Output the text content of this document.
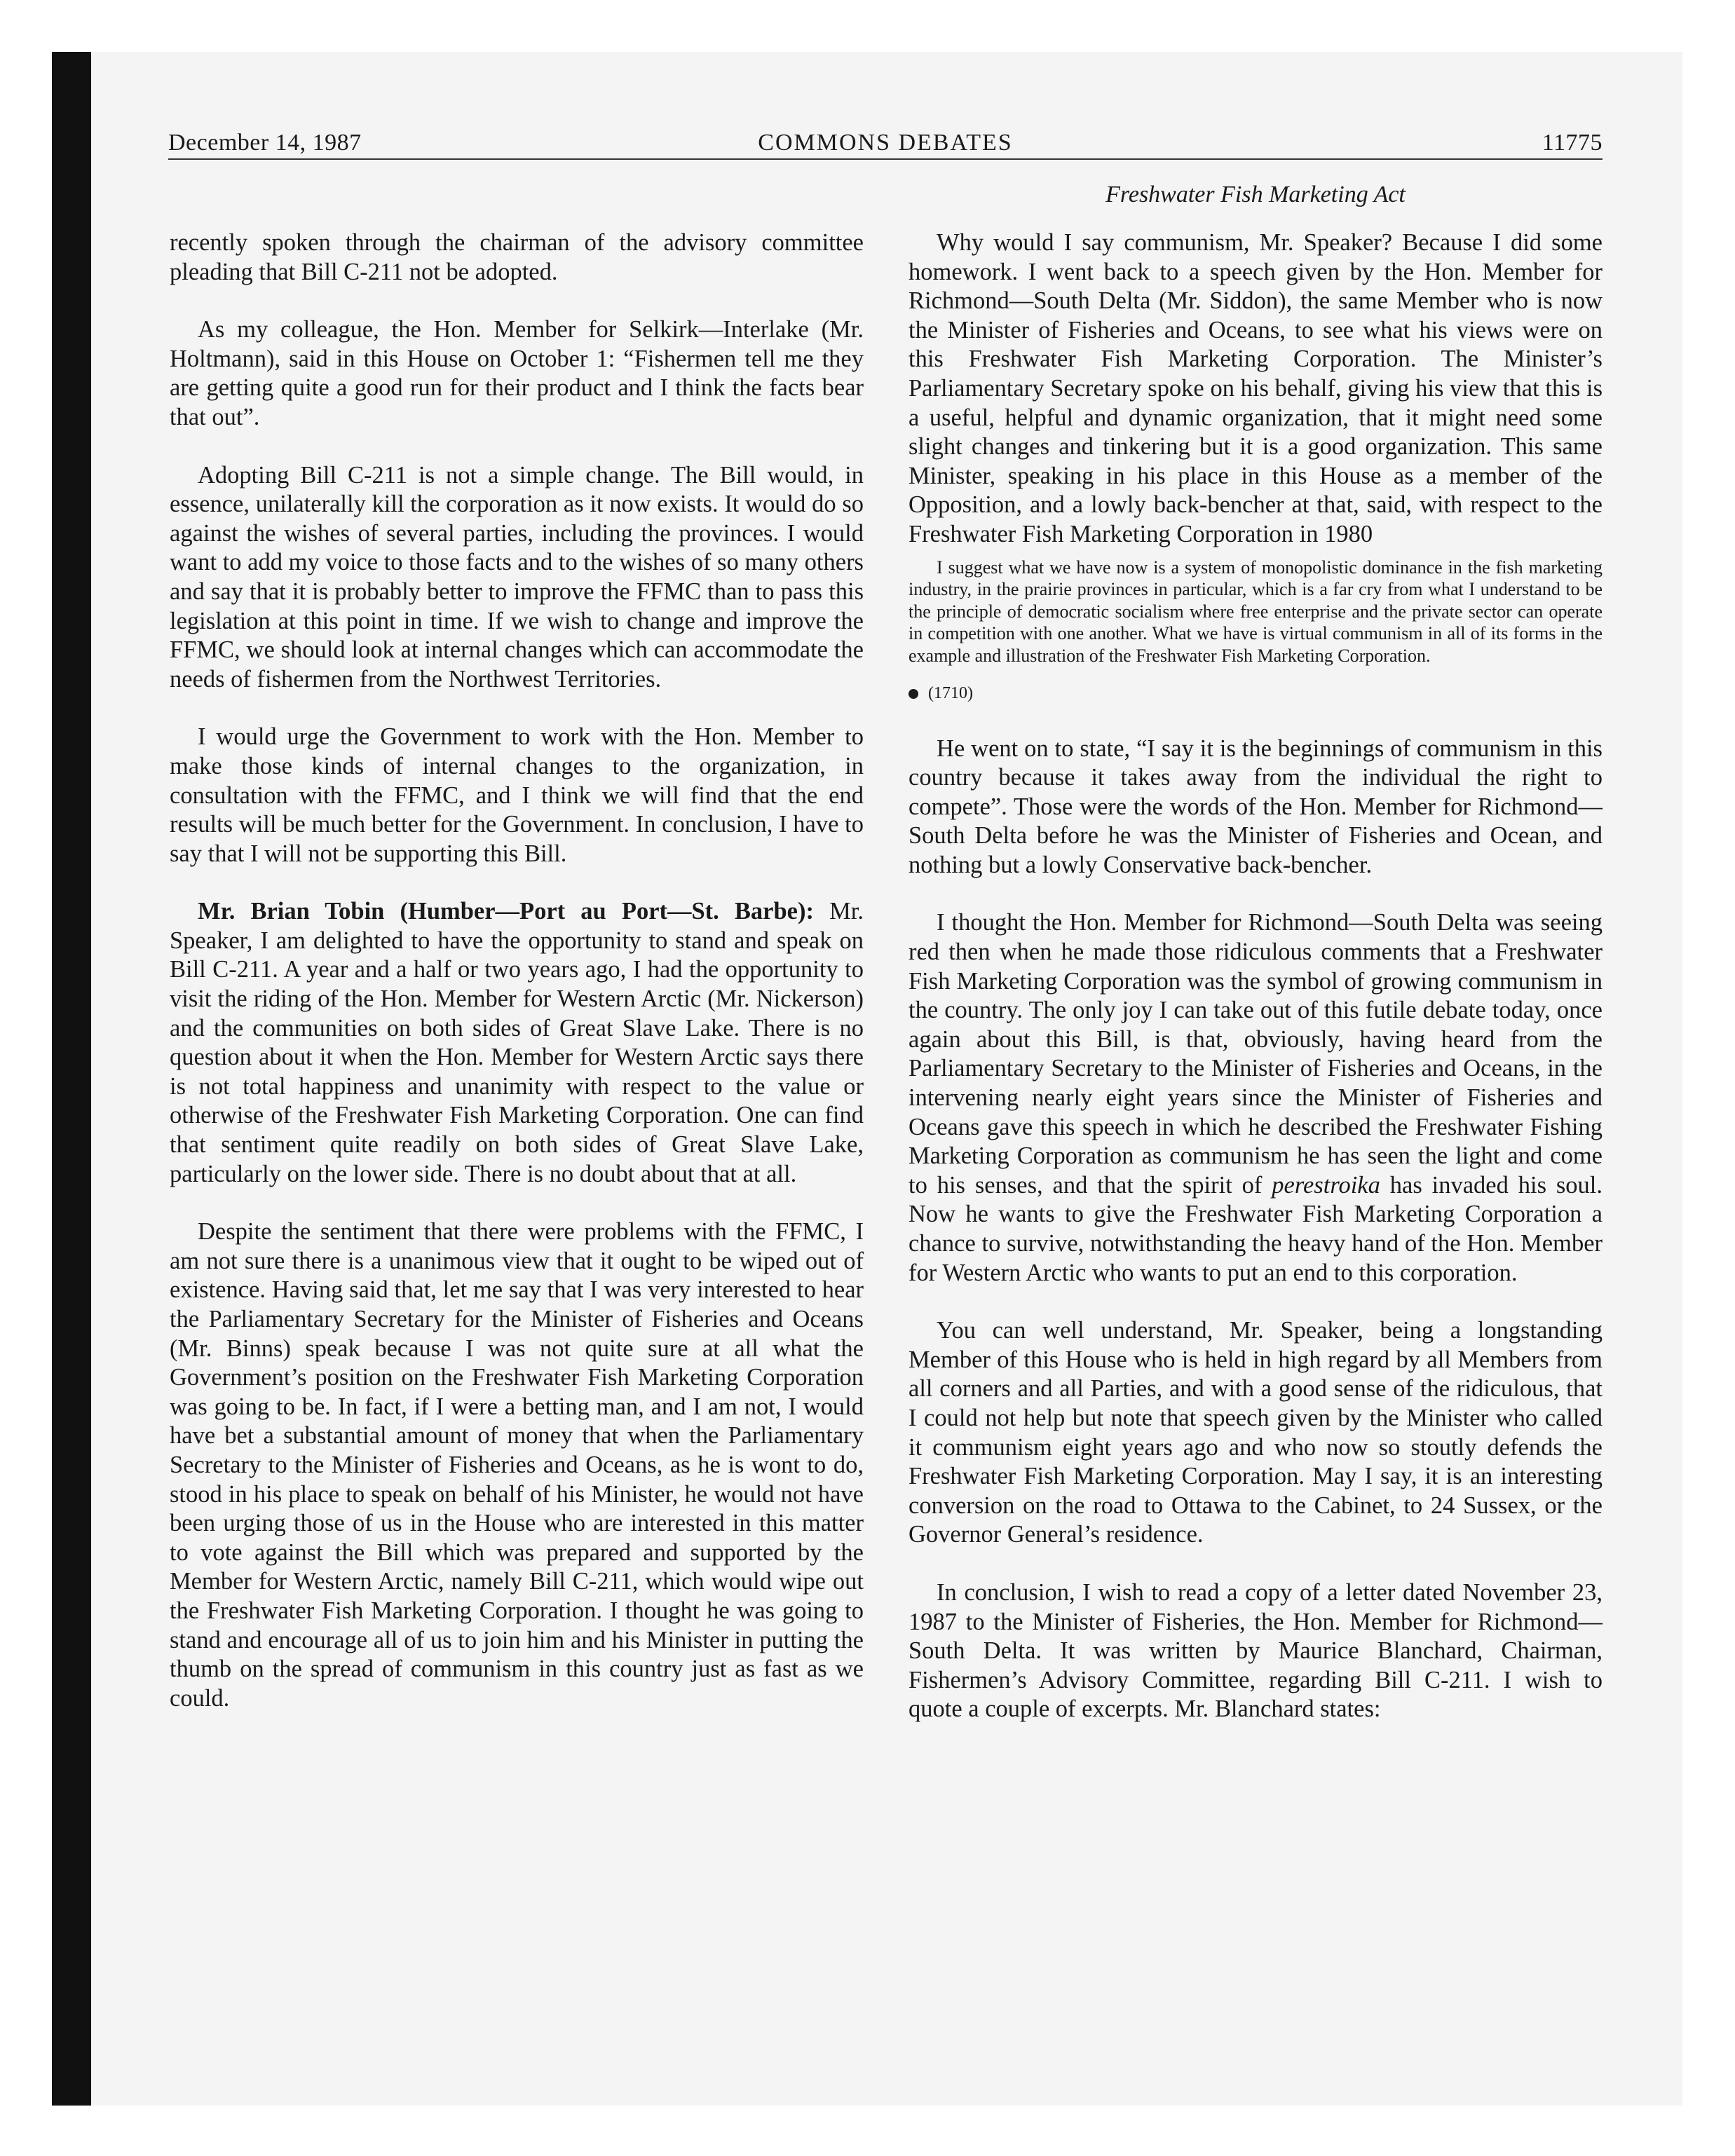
December 14, 1987	COMMONS DEBATES	11775
Freshwater Fish Marketing Act

recently spoken through the chairman of the advisory committee pleading that Bill C-211 not be adopted.

As my colleague, the Hon. Member for Selkirk—Interlake (Mr. Holtmann), said in this House on October 1: “Fishermen tell me they are getting quite a good run for their product and I think the facts bear that out”.

Adopting Bill C-211 is not a simple change. The Bill would, in essence, unilaterally kill the corporation as it now exists. It would do so against the wishes of several parties, including the provinces. I would want to add my voice to those facts and to the wishes of so many others and say that it is probably better to improve the FFMC than to pass this legislation at this point in time. If we wish to change and improve the FFMC, we should look at internal changes which can accommodate the needs of fishermen from the Northwest Territories.

I would urge the Government to work with the Hon. Member to make those kinds of internal changes to the organization, in consultation with the FFMC, and I think we will find that the end results will be much better for the Government. In conclusion, I have to say that I will not be supporting this Bill.

Mr. Brian Tobin (Humber—Port au Port—St. Barbe): Mr. Speaker, I am delighted to have the opportunity to stand and speak on Bill C-211. A year and a half or two years ago, I had the opportunity to visit the riding of the Hon. Member for Western Arctic (Mr. Nickerson) and the communities on both sides of Great Slave Lake. There is no question about it when the Hon. Member for Western Arctic says there is not total happiness and unanimity with respect to the value or otherwise of the Freshwater Fish Marketing Corporation. One can find that sentiment quite readily on both sides of Great Slave Lake, particularly on the lower side. There is no doubt about that at all.

Despite the sentiment that there were problems with the FFMC, I am not sure there is a unanimous view that it ought to be wiped out of existence. Having said that, let me say that I was very interested to hear the Parliamentary Secretary for the Minister of Fisheries and Oceans (Mr. Binns) speak because I was not quite sure at all what the Government’s position on the Freshwater Fish Marketing Corporation was going to be. In fact, if I were a betting man, and I am not, I would have bet a substantial amount of money that when the Parliamentary Secretary to the Minister of Fisheries and Oceans, as he is wont to do, stood in his place to speak on behalf of his Minister, he would not have been urging those of us in the House who are interested in this matter to vote against the Bill which was prepared and supported by the Member for Western Arctic, namely Bill C-211, which would wipe out the Freshwater Fish Marketing Corporation. I thought he was going to stand and encourage all of us to join him and his Minister in putting the thumb on the spread of communism in this country just as fast as we could.

Why would I say communism, Mr. Speaker? Because I did some homework. I went back to a speech given by the Hon. Member for Richmond—South Delta (Mr. Siddon), the same Member who is now the Minister of Fisheries and Oceans, to see what his views were on this Freshwater Fish Marketing Corporation. The Minister’s Parliamentary Secretary spoke on his behalf, giving his view that this is a useful, helpful and dynamic organization, that it might need some slight changes and tinkering but it is a good organization. This same Minister, speaking in his place in this House as a member of the Opposition, and a lowly back-bencher at that, said, with respect to the Freshwater Fish Marketing Corporation in 1980

I suggest what we have now is a system of monopolistic dominance in the fish marketing industry, in the prairie provinces in particular, which is a far cry from what I understand to be the principle of democratic socialism where free enterprise and the private sector can operate in competition with one another. What we have is virtual communism in all of its forms in the example and illustration of the Freshwater Fish Marketing Corporation.
(1710)

He went on to state, “I say it is the beginnings of communism in this country because it takes away from the individual the right to compete”. Those were the words of the Hon. Member for Richmond—South Delta before he was the Minister of Fisheries and Ocean, and nothing but a lowly Conservative back-bencher.

I thought the Hon. Member for Richmond—South Delta was seeing red then when he made those ridiculous comments that a Freshwater Fish Marketing Corporation was the symbol of growing communism in the country. The only joy I can take out of this futile debate today, once again about this Bill, is that, obviously, having heard from the Parliamentary Secretary to the Minister of Fisheries and Oceans, in the intervening nearly eight years since the Minister of Fisheries and Oceans gave this speech in which he described the Freshwater Fishing Marketing Corporation as communism he has seen the light and come to his senses, and that the spirit of perestroika has invaded his soul. Now he wants to give the Freshwater Fish Marketing Corporation a chance to survive, notwithstanding the heavy hand of the Hon. Member for Western Arctic who wants to put an end to this corporation.

You can well understand, Mr. Speaker, being a longstanding Member of this House who is held in high regard by all Members from all corners and all Parties, and with a good sense of the ridiculous, that I could not help but note that speech given by the Minister who called it communism eight years ago and who now so stoutly defends the Freshwater Fish Marketing Corporation. May I say, it is an interesting conversion on the road to Ottawa to the Cabinet, to 24 Sussex, or the Governor General’s residence.

In conclusion, I wish to read a copy of a letter dated November 23, 1987 to the Minister of Fisheries, the Hon. Member for Richmond—South Delta. It was written by Maurice Blanchard, Chairman, Fishermen’s Advisory Committee, regarding Bill C-211. I wish to quote a couple of excerpts. Mr. Blanchard states:
